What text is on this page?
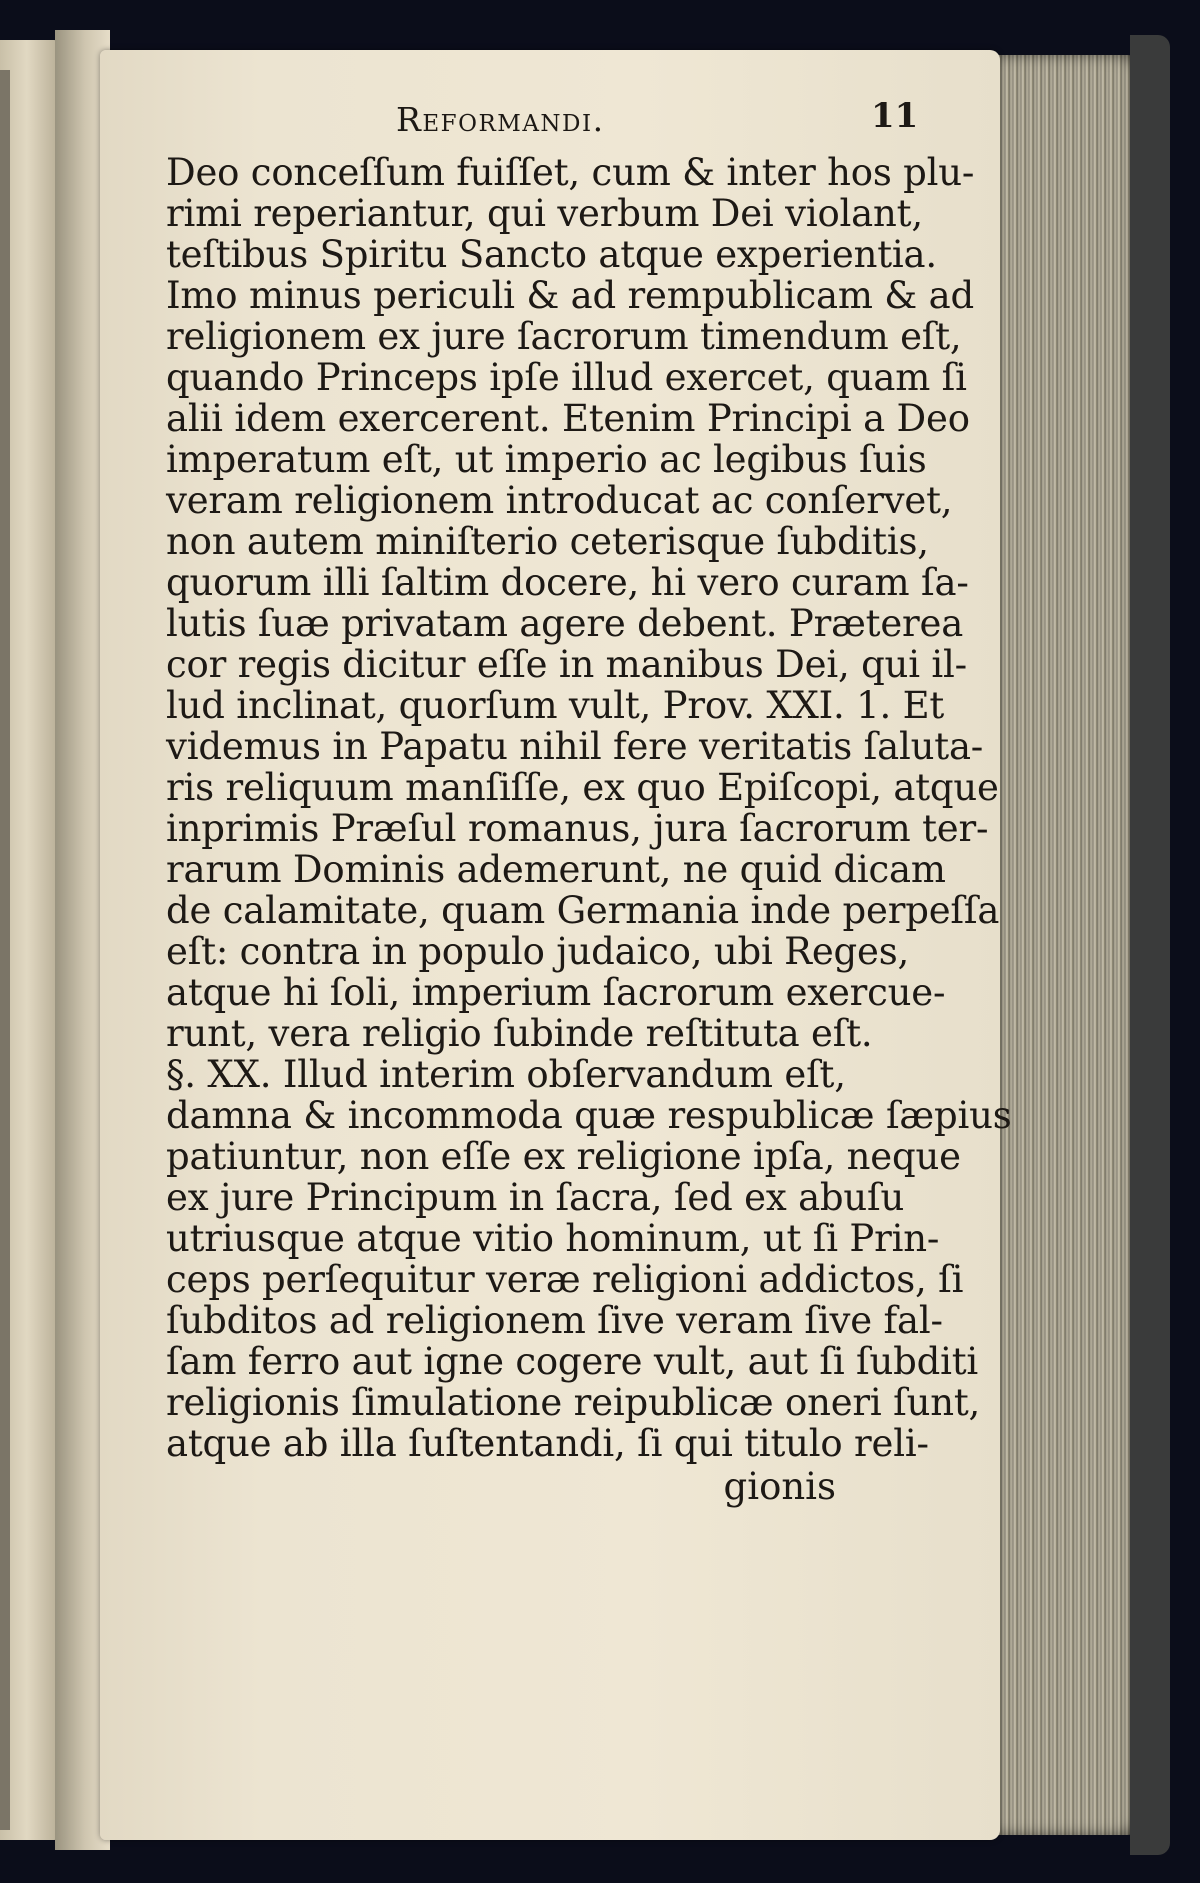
Reformandi.	11
Deo conceſſum fuiſſet, cum & inter hos plu-
rimi reperiantur, qui verbum Dei violant,
teſtibus Spiritu Sancto atque experientia.
Imo minus periculi & ad rempublicam & ad
religionem ex jure ſacrorum timendum eſt,
quando Princeps ipſe illud exercet, quam ſi
alii idem exercerent. Etenim Principi a Deo
imperatum eſt, ut imperio ac legibus ſuis
veram religionem introducat ac conſervet,
non autem miniſterio ceterisque ſubditis,
quorum illi ſaltim docere, hi vero curam ſa-
lutis ſuæ privatam agere debent. Præterea
cor regis dicitur eſſe in manibus Dei, qui il-
lud inclinat, quorſum vult, Prov. XXI. 1. Et
videmus in Papatu nihil fere veritatis ſaluta-
ris reliquum manſiſſe, ex quo Epiſcopi, atque
inprimis Præſul romanus, jura ſacrorum ter-
rarum Dominis ademerunt, ne quid dicam
de calamitate, quam Germania inde perpeſſa
eſt: contra in populo judaico, ubi Reges,
atque hi ſoli, imperium ſacrorum exercue-
runt, vera religio ſubinde reſtituta eſt.
§. XX. Illud interim obſervandum eſt,
damna & incommoda quæ respublicæ ſæpius
patiuntur, non eſſe ex religione ipſa, neque
ex jure Principum in ſacra, ſed ex abuſu
utriusque atque vitio hominum, ut ſi Prin-
ceps perſequitur veræ religioni addictos, ſi
ſubditos ad religionem ſive veram ſive fal-
ſam ferro aut igne cogere vult, aut ſi ſubditi
religionis ſimulatione reipublicæ oneri ſunt,
atque ab illa ſuſtentandi, ſi qui titulo reli-
gionis
